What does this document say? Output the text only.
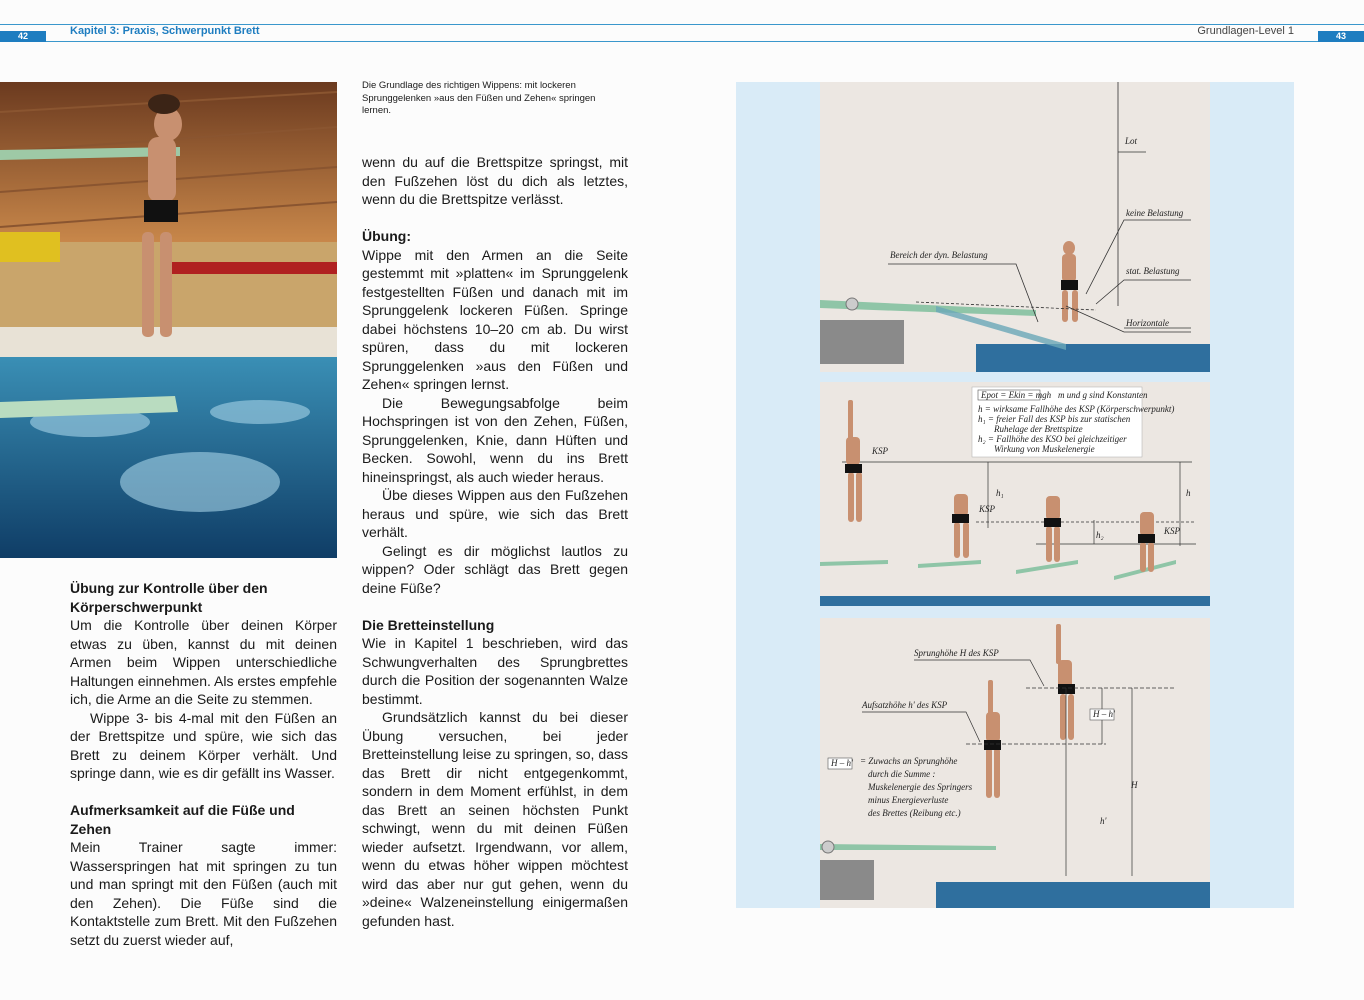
42	Kapitel 3: Praxis, Schwerpunkt Brett	Grundlagen-Level 1	43
Die Grundlage des richtigen Wippens: mit lockeren Sprunggelenken »aus den Füßen und Zehen« springen lernen.
Übung zur Kontrolle über den Körperschwerpunkt

Um die Kontrolle über deinen Körper etwas zu üben, kannst du mit deinen Armen beim Wippen unterschiedliche Haltungen einnehmen. Als erstes empfehle ich, die Arme an die Seite zu stemmen.

Wippe 3- bis 4-mal mit den Füßen an der Brettspitze und spüre, wie sich das Brett zu deinem Körper verhält. Und springe dann, wie es dir gefällt ins Wasser.

Aufmerksamkeit auf die Füße und Zehen

Mein Trainer sagte immer: Wasserspringen hat mit springen zu tun und man springt mit den Füßen (auch mit den Zehen). Die Füße sind die Kontaktstelle zum Brett. Mit den Fußzehen setzt du zuerst wieder auf,

wenn du auf die Brettspitze springst, mit den Fußzehen löst du dich als letztes, wenn du die Brettspitze verlässt.

Übung:

Wippe mit den Armen an die Seite gestemmt mit »platten« im Sprunggelenk festgestellten Füßen und danach mit im Sprunggelenk lockeren Füßen. Springe dabei höchstens 10–20 cm ab. Du wirst spüren, dass du mit lockeren Sprunggelenken »aus den Füßen und Zehen« springen lernst.

Die Bewegungsabfolge beim Hochspringen ist von den Zehen, Füßen, Sprunggelenken, Knie, dann Hüften und Becken. Sowohl, wenn du ins Brett hineinspringst, als auch wieder heraus.

Übe dieses Wippen aus den Fußzehen heraus und spüre, wie sich das Brett verhält.

Gelingt es dir möglichst lautlos zu wippen? Oder schlägt das Brett gegen deine Füße?

Die Bretteinstellung

Wie in Kapitel 1 beschrieben, wird das Schwungverhalten des Sprungbrettes durch die Position der sogenannten Walze bestimmt.

Grundsätzlich kannst du bei dieser Übung versuchen, bei jeder Bretteinstellung leise zu springen, so, dass das Brett dir nicht entgegenkommt, sondern in dem Moment erfühlst, in dem das Brett an seinen höchsten Punkt schwingt, wenn du mit deinen Füßen wieder aufsetzt. Irgendwann, vor allem, wenn du etwas höher wippen möchtest wird das aber nur gut gehen, wenn du »deine« Walzeneinstellung einigermaßen gefunden hast.

Lot
keine Belastung
Bereich der dyn. Belastung
stat. Belastung
Horizontale
Epot = Ekin = mgh m und g sind Konstanten
h = wirksame Fallhöhe des KSP (Körperschwerpunkt)
h₁ = freier Fall des KSP bis zur statischen
Ruhelage der Brettspitze
h₂ = Fallhöhe des KSO bei gleichzeitiger
Wirkung von Muskelenergie
KSP
KSP
KSP
h₁
h₂
h
Sprunghöhe H des KSP
Aufsatzhöhe h' des KSP
H – h'
H – h' = Zuwachs an Sprunghöhe
durch die Summe :
Muskelenergie des Springers
minus Energieverluste
des Brettes (Reibung etc.)
H
h'
